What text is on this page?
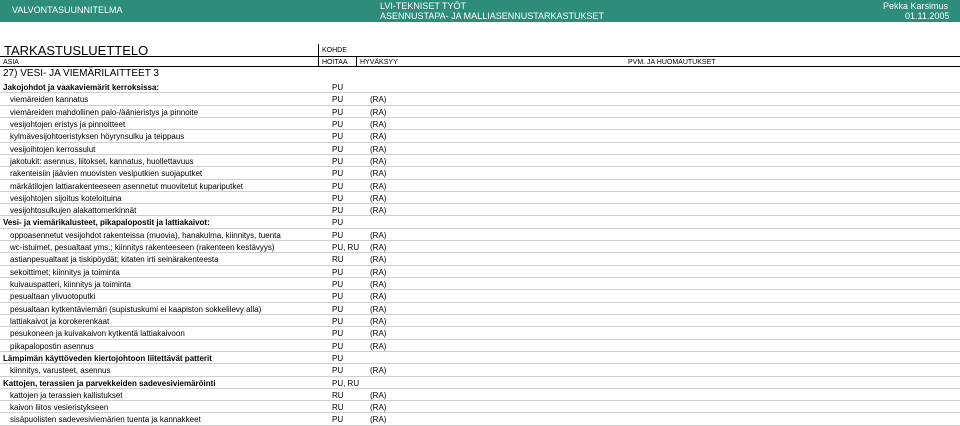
VALVONTASUUNNITELMA	LVI-TEKNISET TYÖT
ASENNUSTAPA- JA MALLIASENNUSTARKASTUKSET
Pekka Karsimus
01.11.2005
TARKASTUSLUETTELO	KOHDE
ASIA	HOITAA HYVÄKSYY	PVM. JA HUOMAUTUKSET
27) VESI- JA VIEMÄRILAITTEET 3
Jakojohdot ja vaakaviemärit kerroksissa:	PU
viemäreiden kannatus	PU	(RA)
viemäreiden mahdollinen palo-/äänieristys ja pinnoite	PU	(RA)
vesijohtojen eristys ja pinnoitteet	PU	(RA)
kylmävesijohtoeristyksen höyrynsulku ja teippaus	PU	(RA)
vesijoihtojen kerrossulut	PU	(RA)
jakotukit: asennus, liitokset, kannatus, huollettavuus	PU	(RA)
rakenteisiin jäävien muovisten vesiputkien suojaputket	PU	(RA)
märkätilojen lattiarakenteeseen asennetut muovitetut kupariputket	PU	(RA)
vesijohtojen sijoitus koteloituina	PU	(RA)
vesijohtosulkujen alakattomerkinnät	PU	(RA)
Vesi- ja viemärikalusteet, pikapalopostit ja lattiakaivot:	PU
oppoasennetut vesijohdot rakenteissa (muovia), hanakulma, kiinnitys, tuenta	PU	(RA)
wc-istuimet, pesualtaat yms.; kiinnitys rakenteeseen (rakenteen kestävyys)	PU, RU (RA)
astianpesualtaat ja tiskipöydät; kitaten irti seinärakenteesta	RU	(RA)
sekoittimet; kiinnitys ja toiminta	PU	(RA)
kuivauspatteri, kiinnitys ja toiminta	PU	(RA)
pesualtaan ylivuotoputki	PU	(RA)
pesualtaan kytkentäviemäri (supistuskumi ei kaapiston sokkelilevy alla)	PU	(RA)
lattiakaivot ja korokerenkaat	PU	(RA)
pesukoneen ja kuivakaivon kytkentä lattiakaivoon	PU	(RA)
pikapalopostin asennus	PU	(RA)
Lämpimän käyttöveden kiertojohtoon liitettävät patterit	PU
kiinnitys, varusteet, asennus	PU	(RA)
Kattojen, terassien ja parvekkeiden sadevesiviemäröinti	PU, RU
kattojen ja terassien kallistukset	RU	(RA)
kaivon liitos vesieristykseen	RU	(RA)
sisäpuolisten sadevesiviemärien tuenta ja kannakkeet	PU	(RA)
